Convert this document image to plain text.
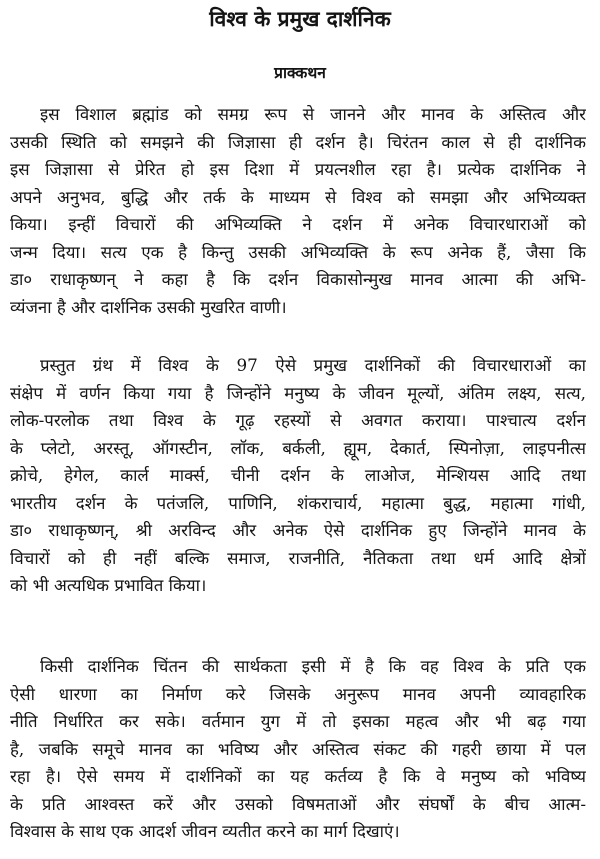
विश्व के प्रमुख दार्शनिक
प्राक्कथन
इस विशाल ब्रह्मांड को समग्र रूप से जानने और मानव के अस्तित्व और
उसकी स्थिति को समझने की जिज्ञासा ही दर्शन है। चिरंतन काल से ही दार्शनिक
इस जिज्ञासा से प्रेरित हो इस दिशा में प्रयत्नशील रहा है। प्रत्येक दार्शनिक ने
अपने अनुभव, बुद्धि और तर्क के माध्यम से विश्व को समझा और अभिव्यक्त
किया। इन्हीं विचारों की अभिव्यक्ति ने दर्शन में अनेक विचारधाराओं को
जन्म दिया। सत्य एक है किन्तु उसकी अभिव्यक्ति के रूप अनेक हैं, जैसा कि
डा० राधाकृष्णन् ने कहा है कि दर्शन विकासोन्मुख मानव आत्मा की अभि-
व्यंजना है और दार्शनिक उसकी मुखरित वाणी।
प्रस्तुत ग्रंथ में विश्व के 97 ऐसे प्रमुख दार्शनिकों की विचारधाराओं का
संक्षेप में वर्णन किया गया है जिन्होंने मनुष्य के जीवन मूल्यों, अंतिम लक्ष्य, सत्य,
लोक-परलोक तथा विश्व के गूढ़ रहस्यों से अवगत कराया। पाश्चात्य दर्शन
के प्लेटो, अरस्तू, ऑगस्टीन, लॉक, बर्कली, ह्यूम, देकार्त, स्पिनोज़ा, लाइपनीत्स
क्रोचे, हेगेल, कार्ल मार्क्स, चीनी दर्शन के लाओज, मेन्शियस आदि तथा
भारतीय दर्शन के पतंजलि, पाणिनि, शंकराचार्य, महात्मा बुद्ध, महात्मा गांधी,
डा० राधाकृष्णन्, श्री अरविन्द और अनेक ऐसे दार्शनिक हुए जिन्होंने मानव के
विचारों को ही नहीं बल्कि समाज, राजनीति, नैतिकता तथा धर्म आदि क्षेत्रों
को भी अत्यधिक प्रभावित किया।
किसी दार्शनिक चिंतन की सार्थकता इसी में है कि वह विश्व के प्रति एक
ऐसी धारणा का निर्माण करे जिसके अनुरूप मानव अपनी व्यावहारिक
नीति निर्धारित कर सके। वर्तमान युग में तो इसका महत्व और भी बढ़ गया
है, जबकि समूचे मानव का भविष्य और अस्तित्व संकट की गहरी छाया में पल
रहा है। ऐसे समय में दार्शनिकों का यह कर्तव्य है कि वे मनुष्य को भविष्य
के प्रति आश्वस्त करें और उसको विषमताओं और संघर्षों के बीच आत्म-
विश्वास के साथ एक आदर्श जीवन व्यतीत करने का मार्ग दिखाएं।
